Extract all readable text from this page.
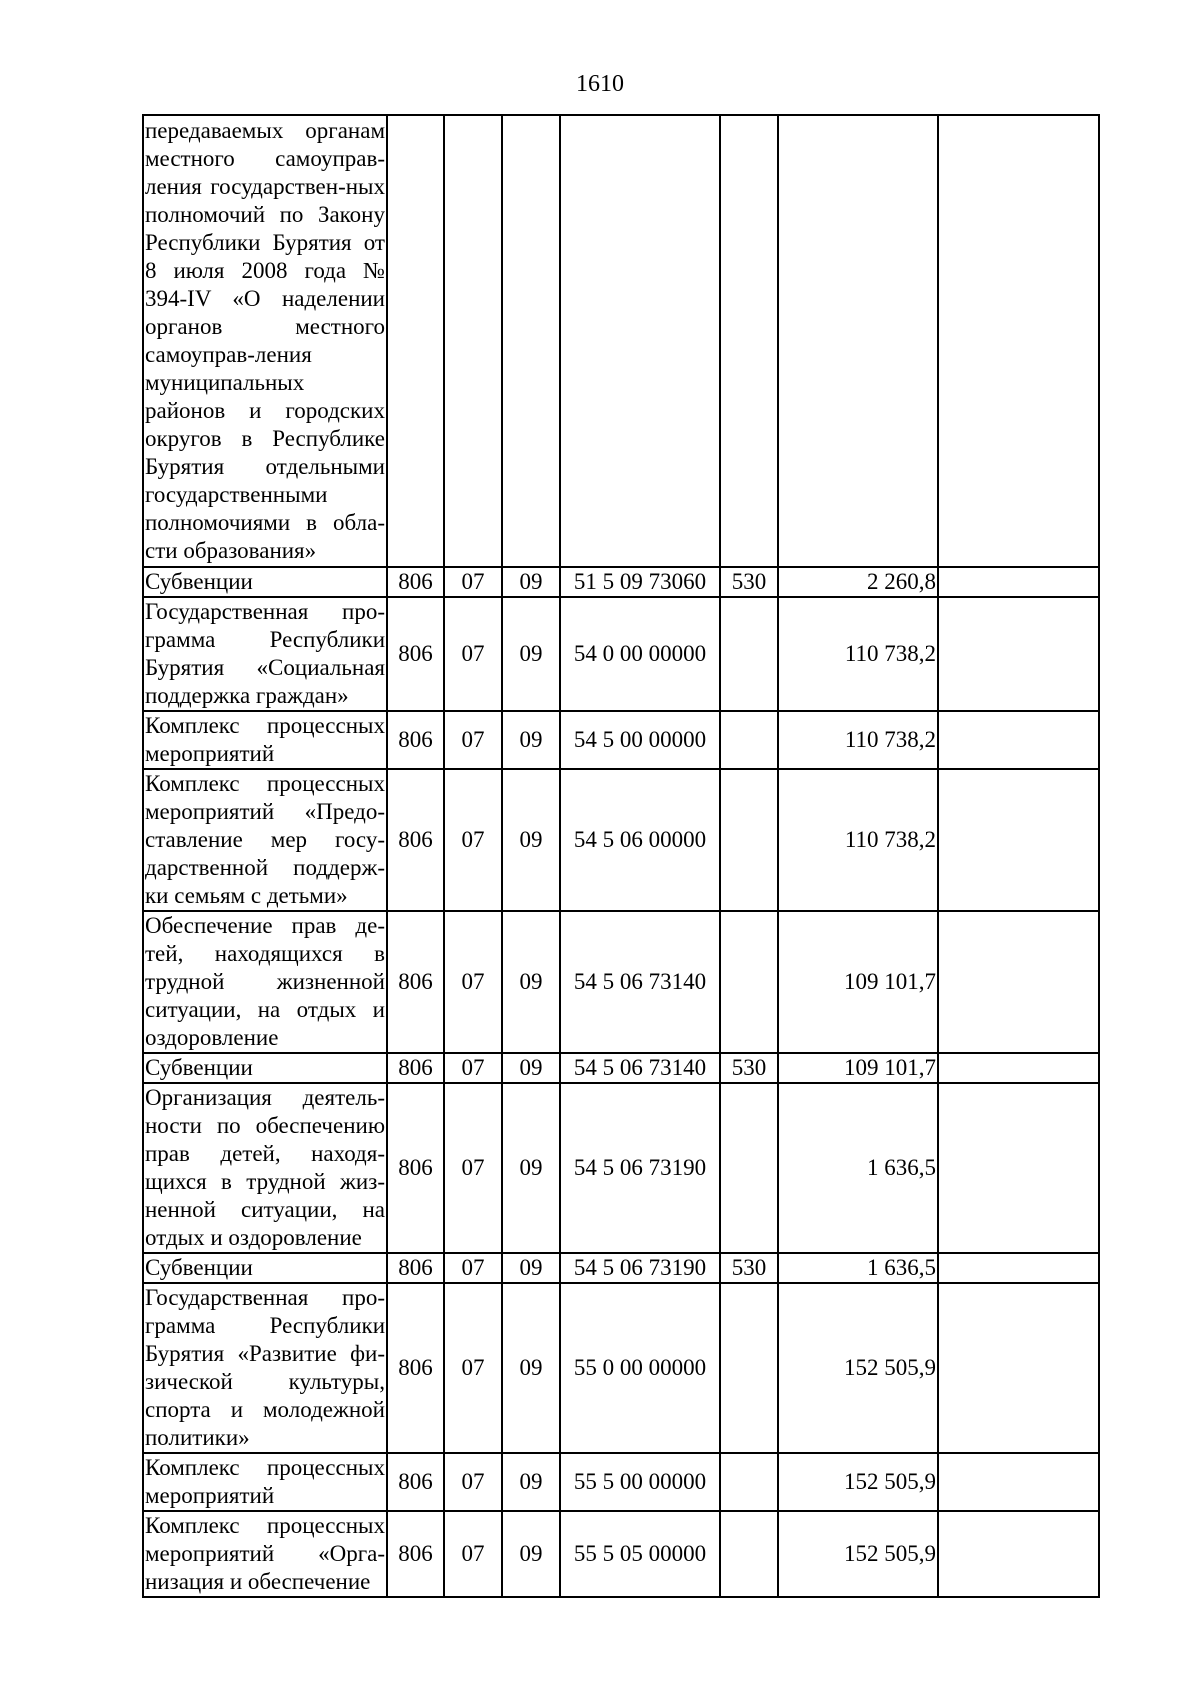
1610
передаваемых органам местного самоуправ-ления государствен-ных полномочий по Закону Республики Бурятия от 8 июля 2008 года № 394-IV «О наделении органов местного самоуправ-ления муниципальных районов и городских округов в Республике Бурятия отдельными государственными полномочиями в обла-сти образования»							
Субвенции	806	07	09	51 5 09 73060	530	2 260,8	
Государственная про-грамма Республики Бурятия «Социальная поддержка граждан»	806	07	09	54 0 00 00000		110 738,2	
Комплекс процессных мероприятий	806	07	09	54 5 00 00000		110 738,2	
Комплекс процессных мероприятий «Предо-ставление мер госу-дарственной поддерж-ки семьям с детьми»	806	07	09	54 5 06 00000		110 738,2	
Обеспечение прав де-тей, находящихся в трудной жизненной ситуации, на отдых и оздоровление	806	07	09	54 5 06 73140		109 101,7	
Субвенции	806	07	09	54 5 06 73140	530	109 101,7	
Организация деятель-ности по обеспечению прав детей, находя-щихся в трудной жиз-ненной ситуации, на отдых и оздоровление	806	07	09	54 5 06 73190		1 636,5	
Субвенции	806	07	09	54 5 06 73190	530	1 636,5	
Государственная про-грамма Республики Бурятия «Развитие фи-зической культуры, спорта и молодежной политики»	806	07	09	55 0 00 00000		152 505,9	
Комплекс процессных мероприятий	806	07	09	55 5 00 00000		152 505,9	
Комплекс процессных мероприятий «Орга-низация и обеспечение	806	07	09	55 5 05 00000		152 505,9	
